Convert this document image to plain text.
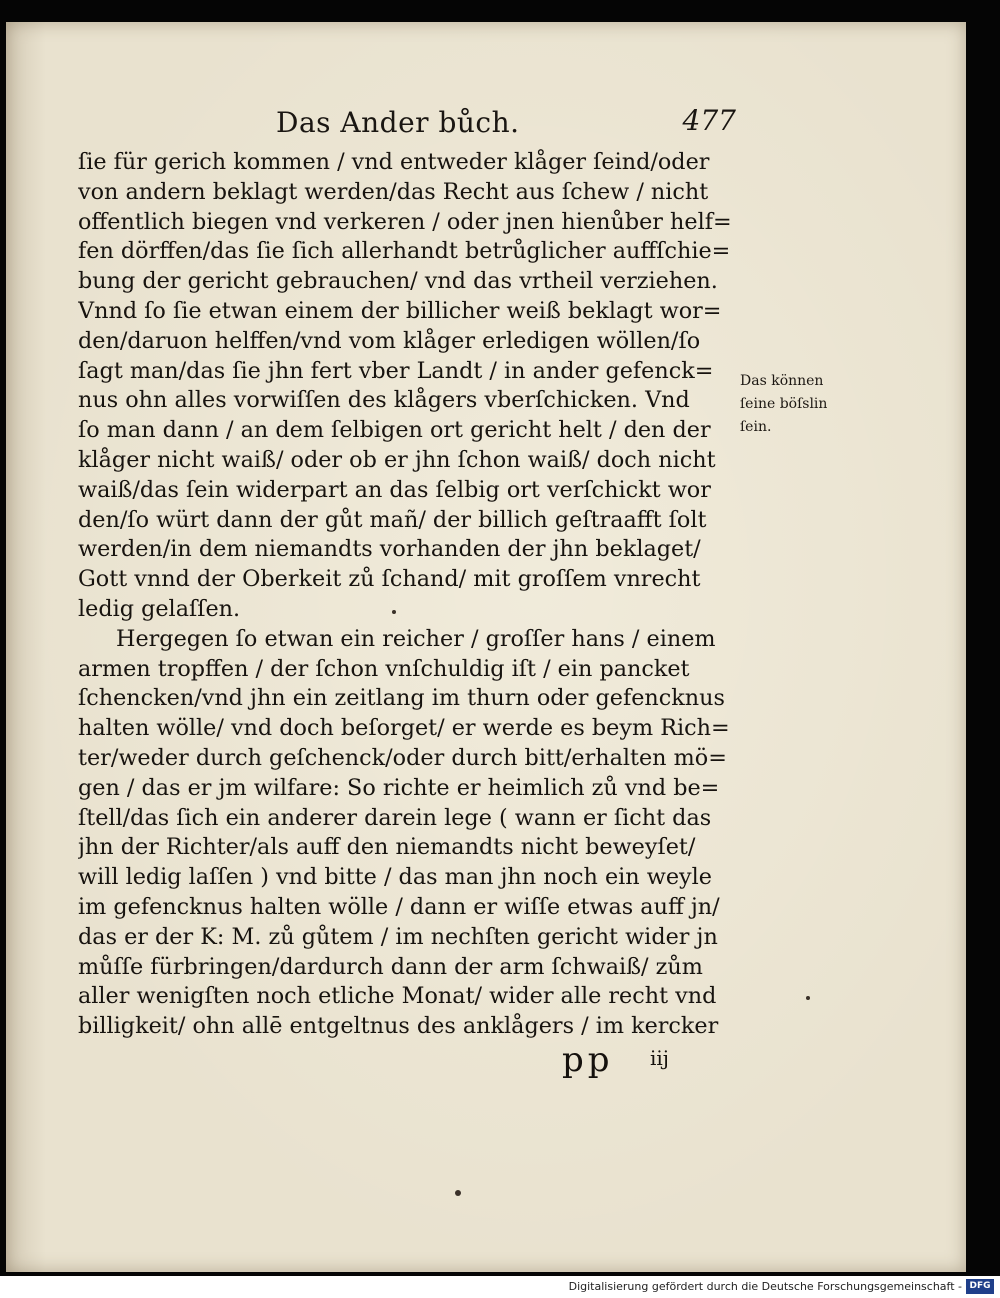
Das Ander bůch.	477
ſie für gerich kommen / vnd entweder klåger ſeind/oder
von andern beklagt werden/das Recht aus ſchew / nicht
offentlich biegen vnd verkeren / oder jnen hienůber helf=
fen dörffen/das ſie ſich allerhandt betrůglicher auffſchie=
bung der gericht gebrauchen/ vnd das vrtheil verziehen.
Vnnd ſo ſie etwan einem der billicher weiß beklagt wor=
den/daruon helffen/vnd vom klåger erledigen wöllen/ſo
ſagt man/das ſie jhn fert vber Landt / in ander gefenck=
nus ohn alles vorwiſſen des klågers vberſchicken. Vnd
ſo man dann / an dem ſelbigen ort gericht helt / den der
klåger nicht waiß/ oder ob er jhn ſchon waiß/ doch nicht
waiß/das ſein widerpart an das ſelbig ort verſchickt wor
den/ſo würt dann der gůt mañ/ der billich geſtraafft ſolt
werden/in dem niemandts vorhanden der jhn beklaget/
Gott vnnd der Oberkeit zů ſchand/ mit groſſem vnrecht
ledig gelaſſen.
Hergegen ſo etwan ein reicher / groſſer hans / einem
armen tropffen / der ſchon vnſchuldig iſt / ein pancket
ſchencken/vnd jhn ein zeitlang im thurn oder gefencknus
halten wölle/ vnd doch beſorget/ er werde es beym Rich=
ter/weder durch geſchenck/oder durch bitt/erhalten mö=
gen / das er jm wilfare: So richte er heimlich zů vnd be=
ſtell/das ſich ein anderer darein lege ( wann er ſicht das
jhn der Richter/als auff den niemandts nicht beweyſet/
will ledig laſſen ) vnd bitte / das man jhn noch ein weyle
im gefencknus halten wölle / dann er wiſſe etwas auff jn/
das er der K: M. zů gůtem / im nechſten gericht wider jn
můſſe fürbringen/dardurch dann der arm ſchwaiß/ zům
aller wenigſten noch etliche Monat/ wider alle recht vnd
billigkeit/ ohn allē entgeltnus des anklågers / im kercker
Das können
ſeine böſslin
ſein.
pp iij
Digitalisierung gefördert durch die Deutsche Forschungsgemeinschaft - DFG
